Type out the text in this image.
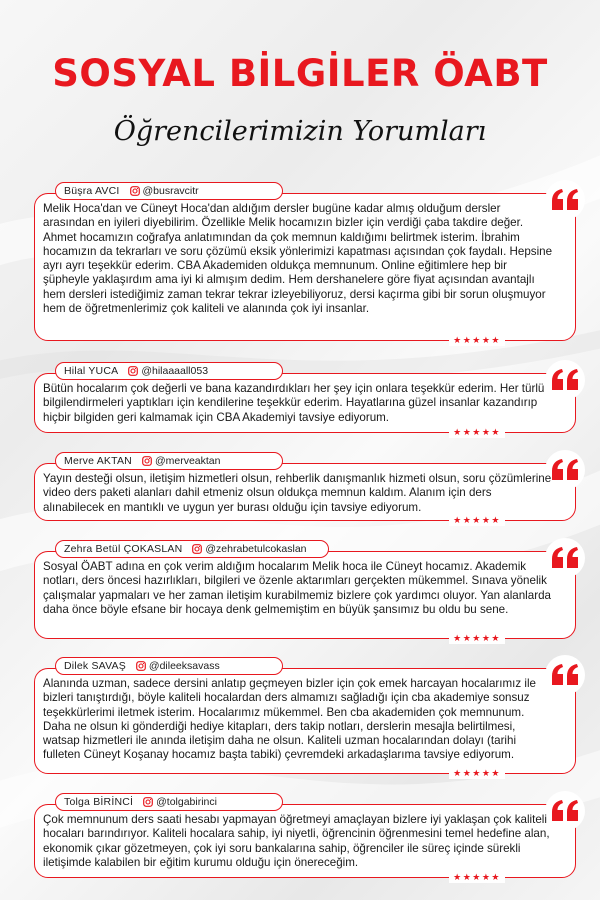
SOSYAL BİLGİLER ÖABT
Öğrencilerimizin Yorumları
Büşra AVCI @busravcitr
Melik Hoca'dan ve Cüneyt Hoca'dan aldığım dersler bugüne kadar almış olduğum dersler arasından en iyileri diyebilirim. Özellikle Melik hocamızın bizler için verdiği çaba takdire değer. Ahmet hocamızın coğrafya anlatımından da çok memnun kaldığımı belirtmek isterim. İbrahim hocamızın da tekrarları ve soru çözümü eksik yönlerimizi kapatması açısından çok faydalı. Hepsine ayrı ayrı teşekkür ederim. CBA Akademiden oldukça memnunum. Online eğitimlere hep bir şüpheyle yaklaşırdım ama iyi ki almışım dedim. Hem dershanelere göre fiyat açısından avantajlı hem dersleri istediğimiz zaman tekrar tekrar izleyebiliyoruz, dersi kaçırma gibi bir sorun oluşmuyor hem de öğretmenlerimiz çok kaliteli ve alanında çok iyi insanlar.
★★★★★
Hilal YUCA @hilaaaall053
Bütün hocalarım çok değerli ve bana kazandırdıkları her şey için onlara teşekkür ederim. Her türlü bilgilendirmeleri yaptıkları için kendilerine teşekkür ederim. Hayatlarına güzel insanlar kazandırıp hiçbir bilgiden geri kalmamak için CBA Akademiyi tavsiye ediyorum.
★★★★★
Merve AKTAN @merveaktan
Yayın desteği olsun, iletişim hizmetleri olsun, rehberlik danışmanlık hizmeti olsun, soru çözümlerine video ders paketi alanları dahil etmeniz olsun oldukça memnun kaldım. Alanım için ders alınabilecek en mantıklı ve uygun yer burası olduğu için tavsiye ediyorum.
★★★★★
Zehra Betül ÇOKASLAN @zehrabetulcokaslan
Sosyal ÖABT adına en çok verim aldığım hocalarım Melik hoca ile Cüneyt hocamız. Akademik notları, ders öncesi hazırlıkları, bilgileri ve özenle aktarımları gerçekten mükemmel. Sınava yönelik çalışmalar yapmaları ve her zaman iletişim kurabilmemiz bizlere çok yardımcı oluyor. Yan alanlarda daha önce böyle efsane bir hocaya denk gelmemiştim en büyük şansımız bu oldu bu sene.
★★★★★
Dilek SAVAŞ @dileeksavass
Alanında uzman, sadece dersini anlatıp geçmeyen bizler için çok emek harcayan hocalarımız ile bizleri tanıştırdığı, böyle kaliteli hocalardan ders almamızı sağladığı için cba akademiye sonsuz teşekkürlerimi iletmek isterim. Hocalarımız mükemmel. Ben cba akademiden çok memnunum. Daha ne olsun ki gönderdiği hediye kitapları, ders takip notları, derslerin mesajla belirtilmesi, watsap hizmetleri ile anında iletişim daha ne olsun. Kaliteli uzman hocalarından dolayı (tarihi fulleten Cüneyt Koşanay hocamız başta tabiki) çevremdeki arkadaşlarıma tavsiye ediyorum.
★★★★★
Tolga BİRİNCİ @tolgabirinci
Çok memnunum ders saati hesabı yapmayan öğretmeyi amaçlayan bizlere iyi yaklaşan çok kaliteli hocaları barındırıyor. Kaliteli hocalara sahip, iyi niyetli, öğrencinin öğrenmesini temel hedefine alan, ekonomik çıkar gözetmeyen, çok iyi soru bankalarına sahip, öğrenciler ile süreç içinde sürekli iletişimde kalabilen bir eğitim kurumu olduğu için önereceğim.
★★★★★
